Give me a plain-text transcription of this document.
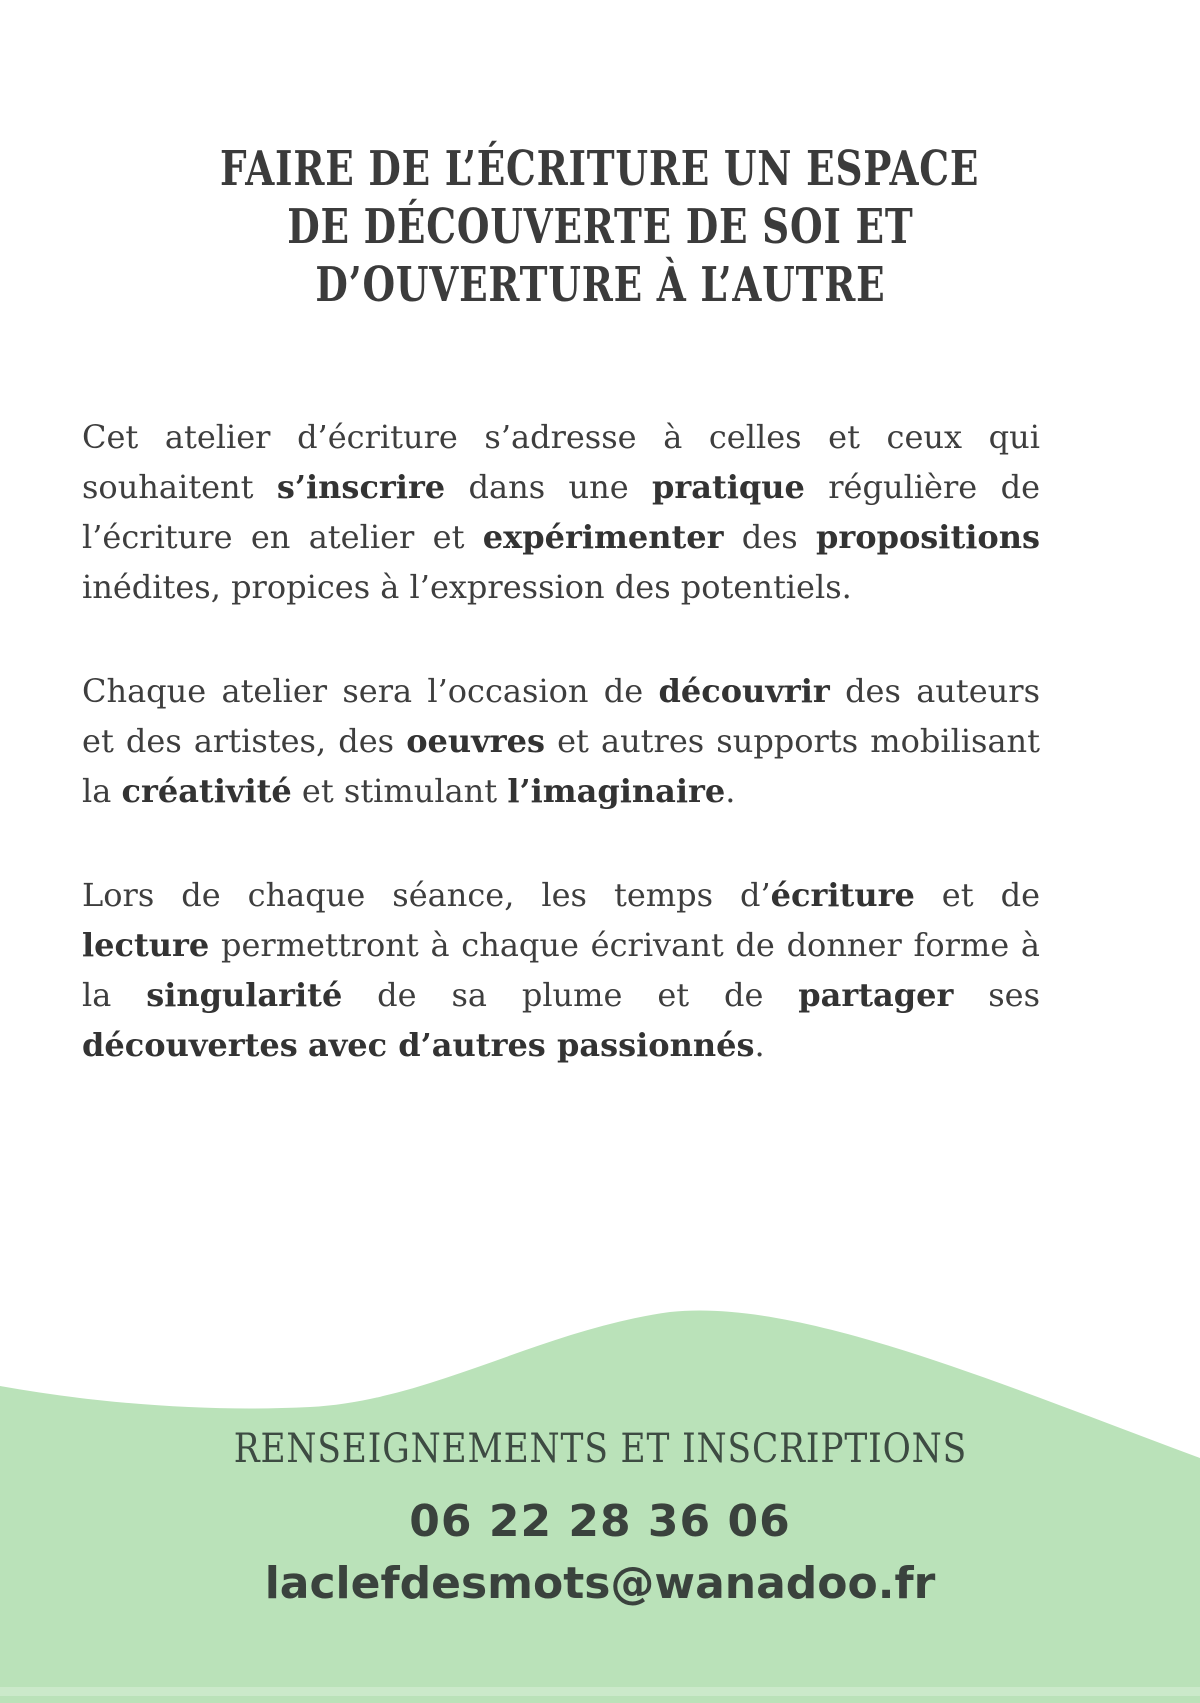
FAIRE DE L’ÉCRITURE UN ESPACE
DE DÉCOUVERTE DE SOI ET
D’OUVERTURE À L’AUTRE

Cet atelier d’écriture s’adresse à celles et ceux qui souhaitent s’inscrire dans une pratique régulière de l’écriture en atelier et expérimenter des propositions inédites, propices à l’expression des potentiels.

Chaque atelier sera l’occasion de découvrir des auteurs et des artistes, des oeuvres et autres supports mobilisant la créativité et stimulant l’imaginaire.

Lors de chaque séance, les temps d’écriture et de lecture permettront à chaque écrivant de donner forme à la singularité de sa plume et de partager ses découvertes avec d’autres passionnés.

RENSEIGNEMENTS ET INSCRIPTIONS
06 22 28 36 06
laclefdesmots@wanadoo.fr
